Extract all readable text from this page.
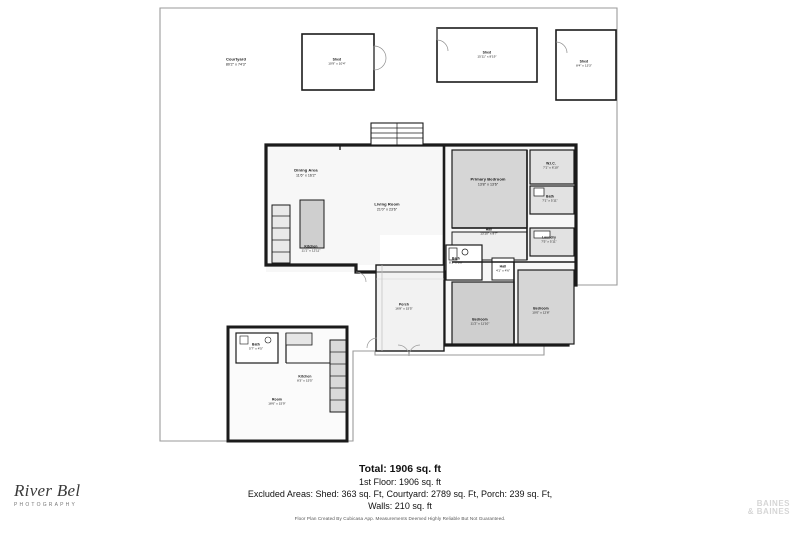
Courtyard
80'2" x 74'3"
Shed
10'9" x 10'4"
Shed
15'11" x 8'19"
Shed
8'4" x 13'3"
Dining Area
11'6" x 16'2"
Living Room
21'0" x 23'6"
Primary Bedroom
13'8" x 13'6"
W.I.C.
7'1" x 6'10"
Bath
7'1" x 5'11"
Laundry
7'5" x 5'11"
Kitchen
11'1" x 12'11"
Hall
13'10" x 8'7"
Bath
8'1" x 8'0"
Hall
4'1" x 4'6"
Porch
16'8" x 15'5"
Bedroom
11'2" x 11'10"
Bedroom
10'0" x 12'8"
Bath
5'7" x 4'5"
Kitchen
8'3" x 15'5"
Room
18'6" x 15'9"
Total: 1906 sq. ft
1st Floor: 1906 sq. ft
Excluded Areas: Shed: 363 sq. Ft, Courtyard: 2789 sq. Ft, Porch: 239 sq. Ft,
Walls: 210 sq. ft
Floor Plan Created By Cubicasa App. Measurements Deemed Highly Reliable But Not Guaranteed.
River Bel
PHOTOGRAPHY	BAINES
& BAINES
